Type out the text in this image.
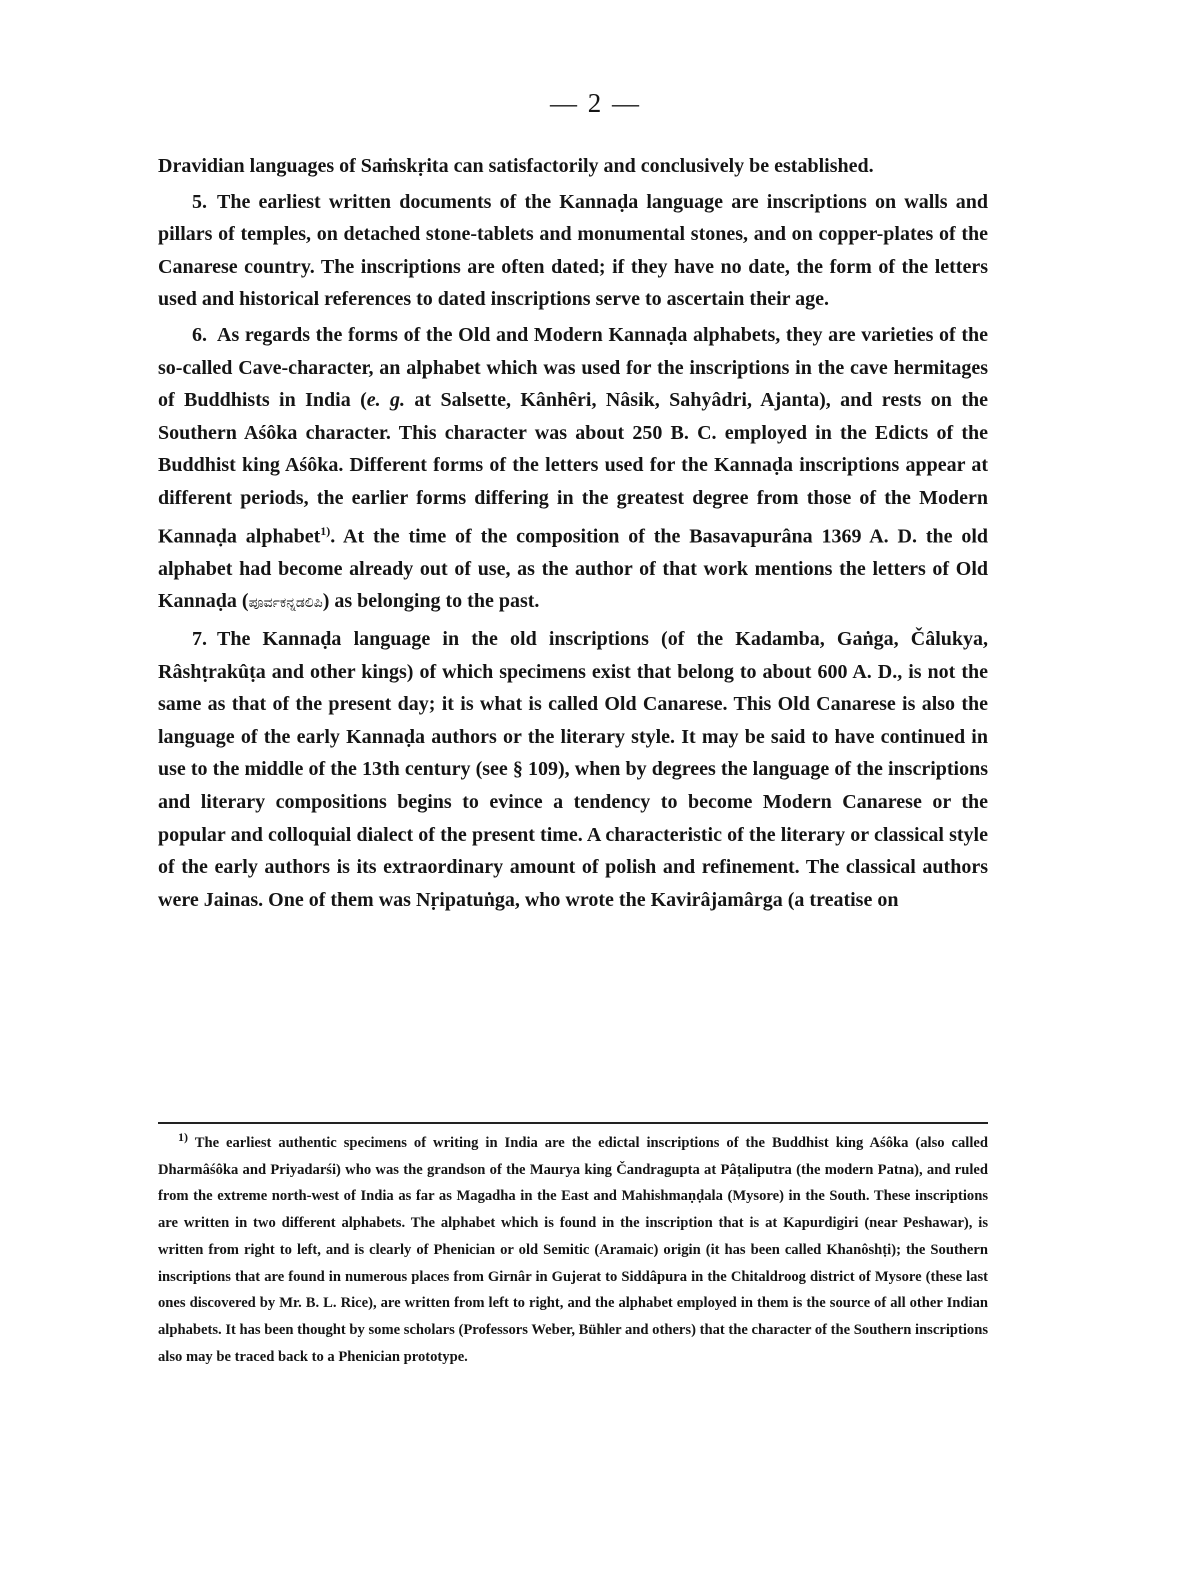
— 2 —

Dravidian languages of Saṁskṛita can satisfactorily and conclusively be established.

5. The earliest written documents of the Kannaḍa language are inscriptions on walls and pillars of temples, on detached stone-tablets and monumental stones, and on copper-plates of the Canarese country. The inscriptions are often dated; if they have no date, the form of the letters used and historical references to dated inscriptions serve to ascertain their age.

6. As regards the forms of the Old and Modern Kannaḍa alphabets, they are varieties of the so-called Cave-character, an alphabet which was used for the inscriptions in the cave hermitages of Buddhists in India (e. g. at Salsette, Kânhêri, Nâsik, Sahyâdri, Ajanta), and rests on the Southern Aśôka character. This character was about 250 B. C. employed in the Edicts of the Buddhist king Aśôka. Different forms of the letters used for the Kannaḍa inscriptions appear at different periods, the earlier forms differing in the greatest degree from those of the Modern Kannaḍa alphabet$^{1)}$. At the time of the composition of the Basavapurâna 1369 A. D. the old alphabet had become already out of use, as the author of that work mentions the letters of Old Kannaḍa (ಪೂರ್ವಕನ್ನಡಲಿಪಿ) as belonging to the past.

7. The Kannaḍa language in the old inscriptions (of the Kadamba, Gaṅga, Čâlukya, Râshṭrakûṭa and other kings) of which specimens exist that belong to about 600 A. D., is not the same as that of the present day; it is what is called Old Canarese. This Old Canarese is also the language of the early Kannaḍa authors or the literary style. It may be said to have continued in use to the middle of the 13th century (see § 109), when by degrees the language of the inscriptions and literary compositions begins to evince a tendency to become Modern Canarese or the popular and colloquial dialect of the present time. A characteristic of the literary or classical style of the early authors is its extraordinary amount of polish and refinement. The classical authors were Jainas. One of them was Nṛipatuṅga, who wrote the Kavirâjamârga (a treatise on

$^{1)}$ The earliest authentic specimens of writing in India are the edictal inscriptions of the Buddhist king Aśôka (also called Dharmâśôka and Priyadarśi) who was the grandson of the Maurya king Čandragupta at Pâṭaliputra (the modern Patna), and ruled from the extreme north-west of India as far as Magadha in the East and Mahishmaṇḍala (Mysore) in the South. These inscriptions are written in two different alphabets. The alphabet which is found in the inscription that is at Kapurdigiri (near Peshawar), is written from right to left, and is clearly of Phenician or old Semitic (Aramaic) origin (it has been called Khanôshṭi); the Southern inscriptions that are found in numerous places from Girnâr in Gujerat to Siddâpura in the Chitaldroog district of Mysore (these last ones discovered by Mr. B. L. Rice), are written from left to right, and the alphabet employed in them is the source of all other Indian alphabets. It has been thought by some scholars (Professors Weber, Bühler and others) that the character of the Southern inscriptions also may be traced back to a Phenician prototype.
